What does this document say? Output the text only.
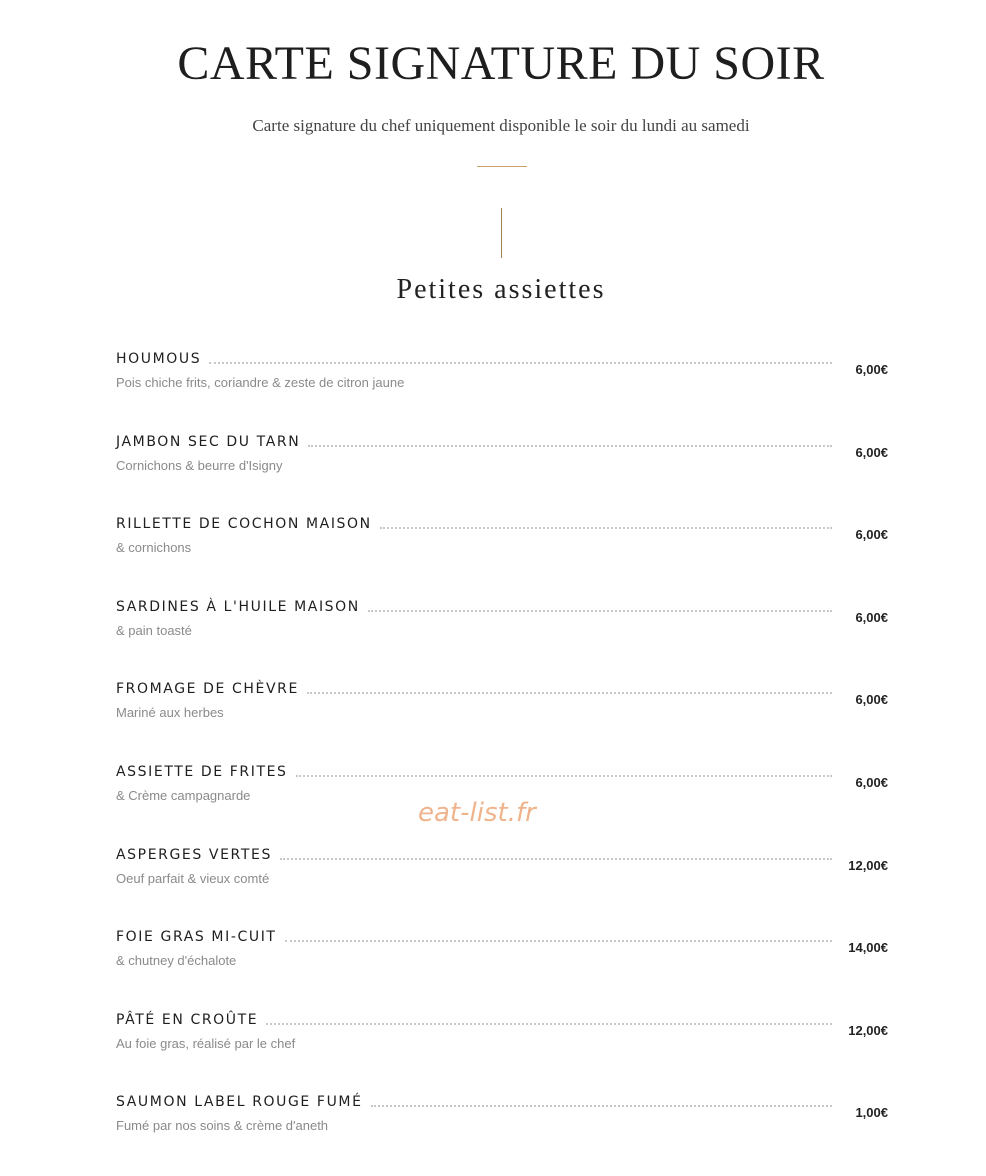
CARTE SIGNATURE DU SOIR
Carte signature du chef uniquement disponible le soir du lundi au samedi
Petites assiettes
HOUMOUS
Pois chiche frits, coriandre & zeste de citron jaune
6,00€
JAMBON SEC DU TARN
Cornichons & beurre d'Isigny
6,00€
RILLETTE DE COCHON MAISON
& cornichons
6,00€
SARDINES À L'HUILE MAISON
& pain toasté
6,00€
FROMAGE DE CHÈVRE
Mariné aux herbes
6,00€
ASSIETTE DE FRITES
& Crème campagnarde
6,00€
ASPERGES VERTES
Oeuf parfait & vieux comté
12,00€
FOIE GRAS MI-CUIT
& chutney d'échalote
14,00€
PÂTÉ EN CROÛTE
Au foie gras, réalisé par le chef
12,00€
SAUMON LABEL ROUGE FUMÉ
Fumé par nos soins & crème d'aneth
1,00€
eat-list.fr
